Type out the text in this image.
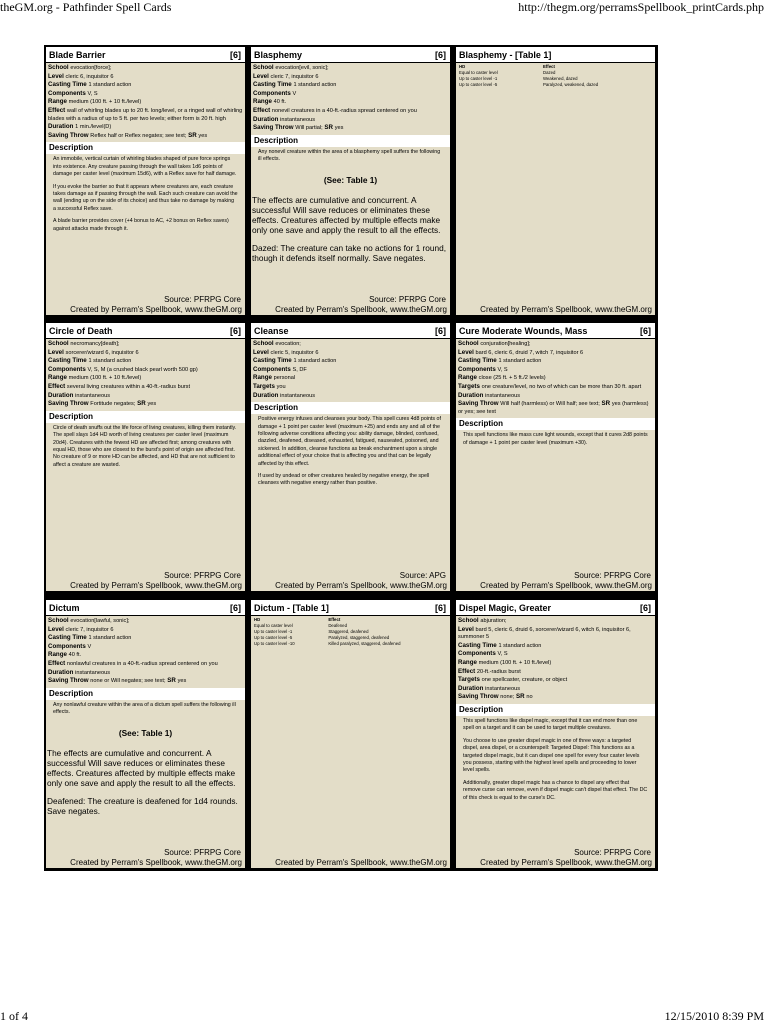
theGM.org - Pathfinder Spell Cards	http://thegm.org/perramsSpellbook_printCards.php
Blade Barrier	[6]
School evocation[force];
Level cleric 6, inquisitor 6
Casting Time 1 standard action
Components V, S
Range medium (100 ft. + 10 ft./level)
Effect wall of whirling blades up to 20 ft. long/level, or a ringed wall of whirling blades with a radius of up to 5 ft. per two levels; either form is 20 ft. high
Duration 1 min./level(D)
Saving Throw Reflex half or Reflex negates; see text; SR yes
Description

An immobile, vertical curtain of whirling blades shaped of pure force springs into existence. Any creature passing through the wall takes 1d6 points of damage per caster level (maximum 15d6), with a Reflex save for half damage.

If you evoke the barrier so that it appears where creatures are, each creature takes damage as if passing through the wall. Each such creature can avoid the wall (ending up on the side of its choice) and thus take no damage by making a successful Reflex save.

A blade barrier provides cover (+4 bonus to AC, +2 bonus on Reflex saves) against attacks made through it.

Source: PFRPG Core
Created by Perram's Spellbook, www.theGM.org
Blasphemy	[6]
School evocation[evil, sonic];
Level cleric 7, inquisitor 6
Casting Time 1 standard action
Components V
Range 40 ft.
Effect nonevil creatures in a 40-ft.-radius spread centered on you
Duration instantaneous
Saving Throw Will partial; SR yes
Description

Any nonevil creature within the area of a blasphemy spell suffers the following ill effects.

(See: Table 1)

The effects are cumulative and concurrent. A successful Will save reduces or eliminates these effects. Creatures affected by multiple effects make only one save and apply the result to all the effects.

Dazed: The creature can take no actions for 1 round, though it defends itself normally. Save negates.

Source: PFRPG Core
Created by Perram's Spellbook, www.theGM.org
Blasphemy - [Table 1]
HD	Effect
Equal to caster level	Dazed
Up to caster level -1	Weakened, dazed
Up to caster level -5	Paralyzed, weakened, dazed
Created by Perram's Spellbook, www.theGM.org
Circle of Death	[6]
School necromancy[death];
Level sorcerer/wizard 6, inquisitor 6
Casting Time 1 standard action
Components V, S, M (a crushed black pearl worth 500 gp)
Range medium (100 ft. + 10 ft./level)
Effect several living creatures within a 40-ft.-radius burst
Duration instantaneous
Saving Throw Fortitude negates; SR yes
Description

Circle of death snuffs out the life force of living creatures, killing them instantly. The spell slays 1d4 HD worth of living creatures per caster level (maximum 20d4). Creatures with the fewest HD are affected first; among creatures with equal HD, those who are closest to the burst's point of origin are affected first. No creature of 9 or more HD can be affected, and HD that are not sufficient to affect a creature are wasted.

Source: PFRPG Core
Created by Perram's Spellbook, www.theGM.org
Cleanse	[6]
School evocation;
Level cleric 5, inquisitor 6
Casting Time 1 standard action
Components S, DF
Range personal
Targets you
Duration instantaneous
Description

Positive energy infuses and cleanses your body. This spell cures 4d8 points of damage + 1 point per caster level (maximum +25) and ends any and all of the following adverse conditions affecting you: ability damage, blinded, confused, dazzled, deafened, diseased, exhausted, fatigued, nauseated, poisoned, and sickened. In addition, cleanse functions as break enchantment upon a single additional effect of your choice that is affecting you and that can be legally affected by this effect.

If used by undead or other creatures healed by negative energy, the spell cleanses with negative energy rather than positive.

Source: APG
Created by Perram's Spellbook, www.theGM.org
Cure Moderate Wounds, Mass	[6]
School conjuration[healing];
Level bard 6, cleric 6, druid 7, witch 7, inquisitor 6
Casting Time 1 standard action
Components V, S
Range close (25 ft. + 5 ft./2 levels)
Targets one creature/level, no two of which can be more than 30 ft. apart
Duration instantaneous
Saving Throw Will half (harmless) or Will half; see text; SR yes (harmless) or yes; see text
Description

This spell functions like mass cure light wounds, except that it cures 2d8 points of damage + 1 point per caster level (maximum +30).

Source: PFRPG Core
Created by Perram's Spellbook, www.theGM.org
Dictum	[6]
School evocation[lawful, sonic];
Level cleric 7, inquisitor 6
Casting Time 1 standard action
Components V
Range 40 ft.
Effect nonlawful creatures in a 40-ft.-radius spread centered on you
Duration instantaneous
Saving Throw none or Will negates; see text; SR yes
Description

Any nonlawful creature within the area of a dictum spell suffers the following ill effects.

(See: Table 1)

The effects are cumulative and concurrent. A successful Will save reduces or eliminates these effects. Creatures affected by multiple effects make only one save and apply the result to all the effects.

Deafened: The creature is deafened for 1d4 rounds. Save negates.

Source: PFRPG Core
Created by Perram's Spellbook, www.theGM.org
Dictum - [Table 1]	[6]
HD	Effect
Equal to caster level	Deafened
Up to caster level -1	Staggered, deafened
Up to caster level -5	Paralyzed, staggered, deafened
Up to caster level -10	Killed paralyzed, staggered, deafened
Created by Perram's Spellbook, www.theGM.org
Dispel Magic, Greater	[6]
School abjuration;
Level bard 5, cleric 6, druid 6, sorcerer/wizard 6, witch 6, inquisitor 6, summoner 5
Casting Time 1 standard action
Components V, S
Range medium (100 ft. + 10 ft./level)
Effect 20-ft.-radius burst
Targets one spellcaster, creature, or object
Duration instantaneous
Saving Throw none; SR no
Description

This spell functions like dispel magic, except that it can end more than one spell on a target and it can be used to target multiple creatures.

You choose to use greater dispel magic in one of three ways: a targeted dispel, area dispel, or a counterspell: Targeted Dispel: This functions as a targeted dispel magic, but it can dispel one spell for every four caster levels you possess, starting with the highest level spells and proceeding to lower level spells.

Additionally, greater dispel magic has a chance to dispel any effect that remove curse can remove, even if dispel magic can't dispel that effect. The DC of this check is equal to the curse's DC.

Source: PFRPG Core
Created by Perram's Spellbook, www.theGM.org
1 of 4	12/15/2010 8:39 PM
